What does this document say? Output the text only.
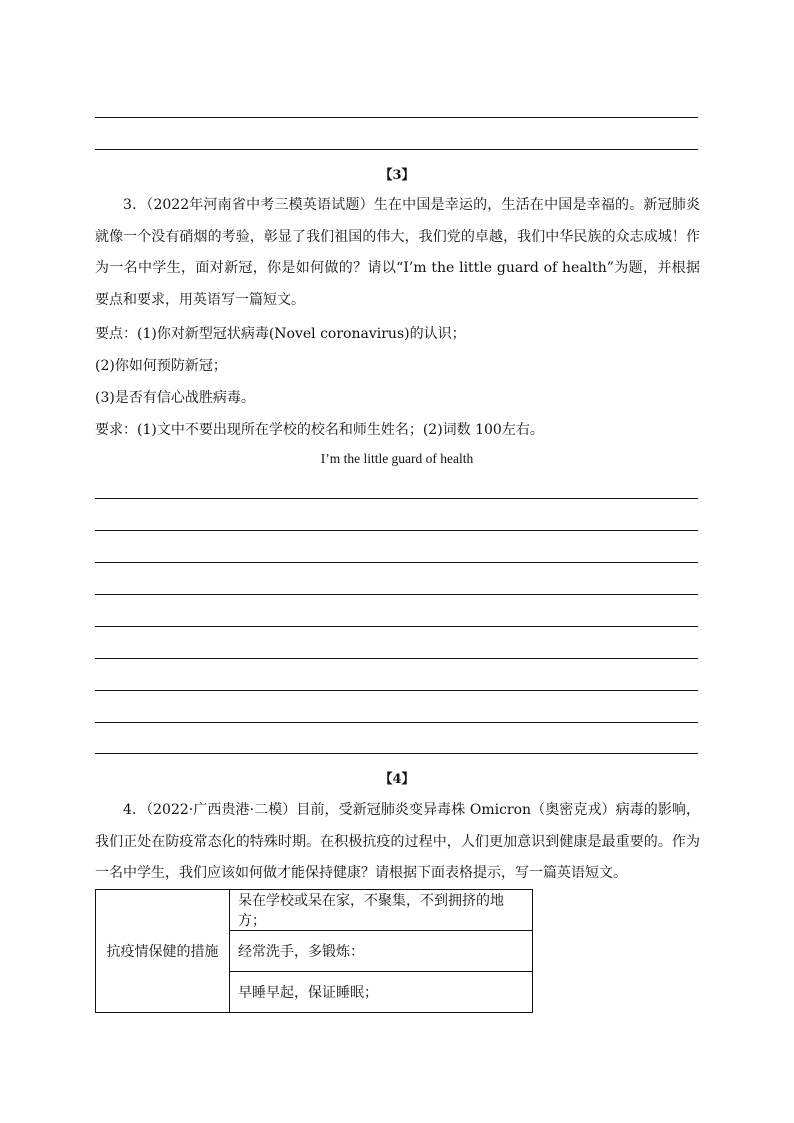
【3】
3．（2022年河南省中考三模英语试题）生在中国是幸运的，生活在中国是幸福的。新冠肺炎就像一个没有硝烟的考验，彰显了我们祖国的伟大，我们党的卓越，我们中华民族的众志成城！作为一名中学生，面对新冠，你是如何做的？请以“I’m the little guard of health”为题，并根据要点和要求，用英语写一篇短文。
(1)你对新型冠状病毒(Novel coronavirus)的认识；
要点：
(2)你如何预防新冠；
(3)是否有信心战胜病毒。
要求：(1)文中不要出现所在学校的校名和师生姓名；(2)词数 100左右。
I’m the little guard of health
【4】
4．（2022·广西贵港·二模）目前，受新冠肺炎变异毒株 Omicron（奥密克戎）病毒的影响，我们正处在防疫常态化的特殊时期。在积极抗疫的过程中，人们更加意识到健康是最重要的。作为一名中学生，我们应该如何做才能保持健康？请根据下面表格提示，写一篇英语短文。
抗疫情保健的措施	呆在学校或呆在家，不聚集，不到拥挤的地方；
经常洗手，多锻炼：
早睡早起，保证睡眠；
